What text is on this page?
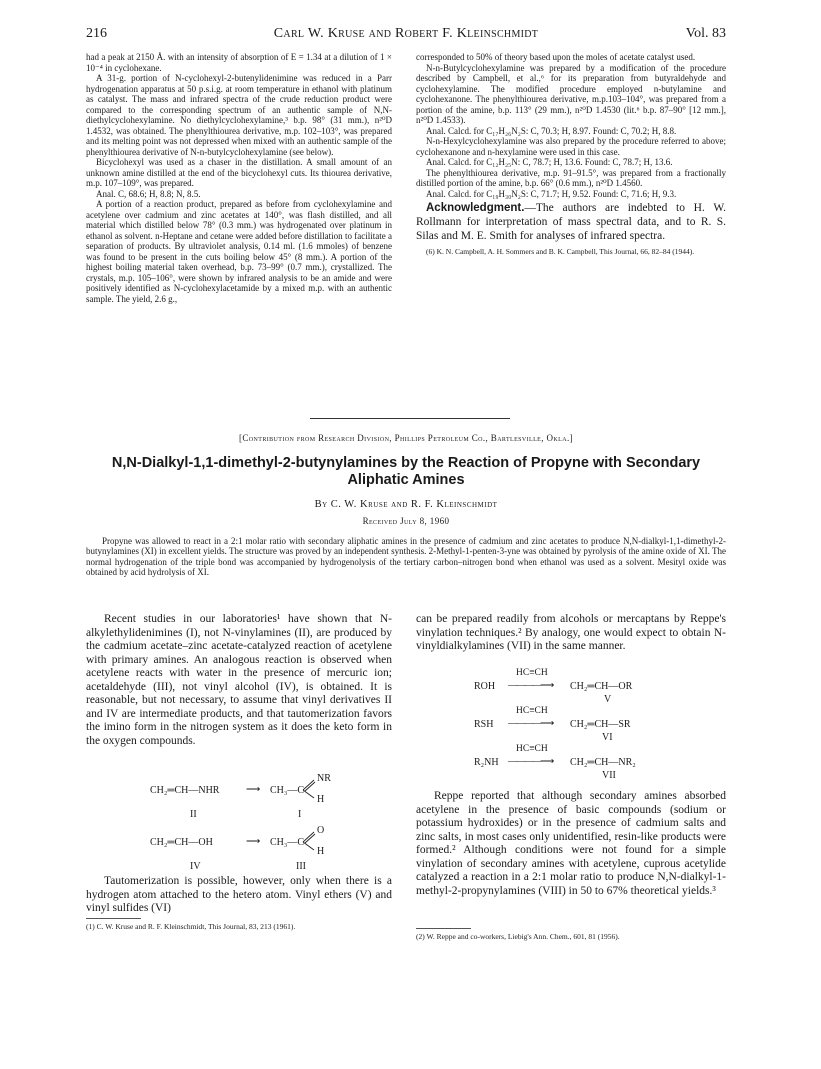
216	Carl W. Kruse and Robert F. Kleinschmidt	Vol. 83

had a peak at 2150 Å. with an intensity of absorption of E = 1.34 at a dilution of 1 × 10⁻⁴ in cyclohexane.

A 31-g. portion of N-cyclohexyl-2-butenylidenimine was reduced in a Parr hydrogenation apparatus at 50 p.s.i.g. at room temperature in ethanol with platinum as catalyst. The mass and infrared spectra of the crude reduction product were compared to the corresponding spectrum of an authentic sample of N,N-diethylcyclohexylamine. No diethylcyclohexylamine,³ b.p. 98° (31 mm.), n²⁰D 1.4532, was obtained. The phenylthiourea derivative, m.p. 102–103°, was prepared and its melting point was not depressed when mixed with an authentic sample of the phenylthiourea derivative of N-n-butylcyclohexylamine (see below).

Bicyclohexyl was used as a chaser in the distillation. A small amount of an unknown amine distilled at the end of the bicyclohexyl cuts. Its thiourea derivative, m.p. 107–109°, was prepared.

Anal. C, 68.6; H, 8.8; N, 8.5.

A portion of a reaction product, prepared as before from cyclohexylamine and acetylene over cadmium and zinc acetates at 140°, was flash distilled, and all material which distilled below 78° (0.3 mm.) was hydrogenated over platinum in ethanol as solvent. n-Heptane and cetane were added before distillation to facilitate a separation of products. By ultraviolet analysis, 0.14 ml. (1.6 mmoles) of benzene was found to be present in the cuts boiling below 45° (8 mm.). A portion of the highest boiling material taken overhead, b.p. 73–99° (0.7 mm.), crystallized. The crystals, m.p. 105–106°, were shown by infrared analysis to be an amide and were positively identified as N-cyclohexylacetamide by a mixed m.p. with an authentic sample. The yield, 2.6 g.,

corresponded to 50% of theory based upon the moles of acetate catalyst used.

N-n-Butylcyclohexylamine was prepared by a modification of the procedure described by Campbell, et al.,⁶ for its preparation from butyraldehyde and cyclohexylamine. The modified procedure employed n-butylamine and cyclohexanone. The phenylthiourea derivative, m.p.103–104°, was prepared from a portion of the amine, b.p. 113° (29 mm.), n²⁰D 1.4530 (lit.⁶ b.p. 87–90° [12 mm.], n²⁰D 1.4533).

Anal. Calcd. for C₁₇H₂₆N₂S: C, 70.3; H, 8.97. Found: C, 70.2; H, 8.8.

N-n-Hexylcyclohexylamine was also prepared by the procedure referred to above; cyclohexanone and n-hexylamine were used in this case.

Anal. Calcd. for C₁₂H₂₅N: C, 78.7; H, 13.6. Found: C, 78.7; H, 13.6.

The phenylthiourea derivative, m.p. 91–91.5°, was prepared from a fractionally distilled portion of the amine, b.p. 66° (0.6 mm.), n²⁰D 1.4560.

Anal. Calcd. for C₁₉H₃₀N₂S: C, 71.7; H, 9.52. Found: C, 71.6; H, 9.3.

Acknowledgment.—The authors are indebted to H. W. Rollmann for interpretation of mass spectral data, and to R. S. Silas and M. E. Smith for analyses of infrared spectra.

(6) K. N. Campbell, A. H. Sommers and B. K. Campbell, This Journal, 66, 82–84 (1944).

[Contribution from Research Division, Phillips Petroleum Co., Bartlesville, Okla.]
N,N-Dialkyl-1,1-dimethyl-2-butynylamines by the Reaction of Propyne with Secondary Aliphatic Amines
By C. W. Kruse and R. F. Kleinschmidt
Received July 8, 1960

Propyne was allowed to react in a 2:1 molar ratio with secondary aliphatic amines in the presence of cadmium and zinc acetates to produce N,N-dialkyl-1,1-dimethyl-2-butynylamines (XI) in excellent yields. The structure was proved by an independent synthesis. 2-Methyl-1-penten-3-yne was obtained by pyrolysis of the amine oxide of XI. The normal hydrogenation of the triple bond was accompanied by hydrogenolysis of the tertiary carbon–nitrogen bond when ethanol was used as a solvent. Mesityl oxide was obtained by acid hydrolysis of XI.

Recent studies in our laboratories¹ have shown that N-alkylethylidenimines (I), not N-vinylamines (II), are produced by the cadmium acetate–zinc acetate-catalyzed reaction of acetylene with primary amines. An analogous reaction is observed when acetylene reacts with water in the presence of mercuric ion; acetaldehyde (III), not vinyl alcohol (IV), is obtained. It is reasonable, but not necessary, to assume that vinyl derivatives II and IV are intermediate products, and that tautomerization favors the imino form in the nitrogen system as it does the keto form in the oxygen compounds.

CH₂═CH—NHR	⟶ CH₃—C
NR
H
II	I
CH₂═CH—OH	⟶ CH₃—C
O
H
IV	III

Tautomerization is possible, however, only when there is a hydrogen atom attached to the hetero atom. Vinyl ethers (V) and vinyl sulfides (VI)

(1) C. W. Kruse and R. F. Kleinschmidt, This Journal, 83, 213 (1961).

can be prepared readily from alcohols or mercaptans by Reppe's vinylation techniques.² By analogy, one would expect to obtain N-vinyldialkylamines (VII) in the same manner.

HC≡CH
ROH ————⟶ CH₂═CH—OR
V
HC≡CH
RSH ————⟶ CH₂═CH—SR
VI
HC≡CH
R₂NH ————⟶ CH₂═CH—NR₂
VII

Reppe reported that although secondary amines absorbed acetylene in the presence of basic compounds (sodium or potassium hydroxides) or in the presence of cadmium salts and zinc salts, in most cases only unidentified, resin-like products were formed.² Although conditions were not found for a simple vinylation of secondary amines with acetylene, cuprous acetylide catalyzed a reaction in a 2:1 molar ratio to produce N,N-dialkyl-1-methyl-2-propynylamines (VIII) in 50 to 67% theoretical yields.³

(2) W. Reppe and co-workers, Liebig's Ann. Chem., 601, 81 (1956).
